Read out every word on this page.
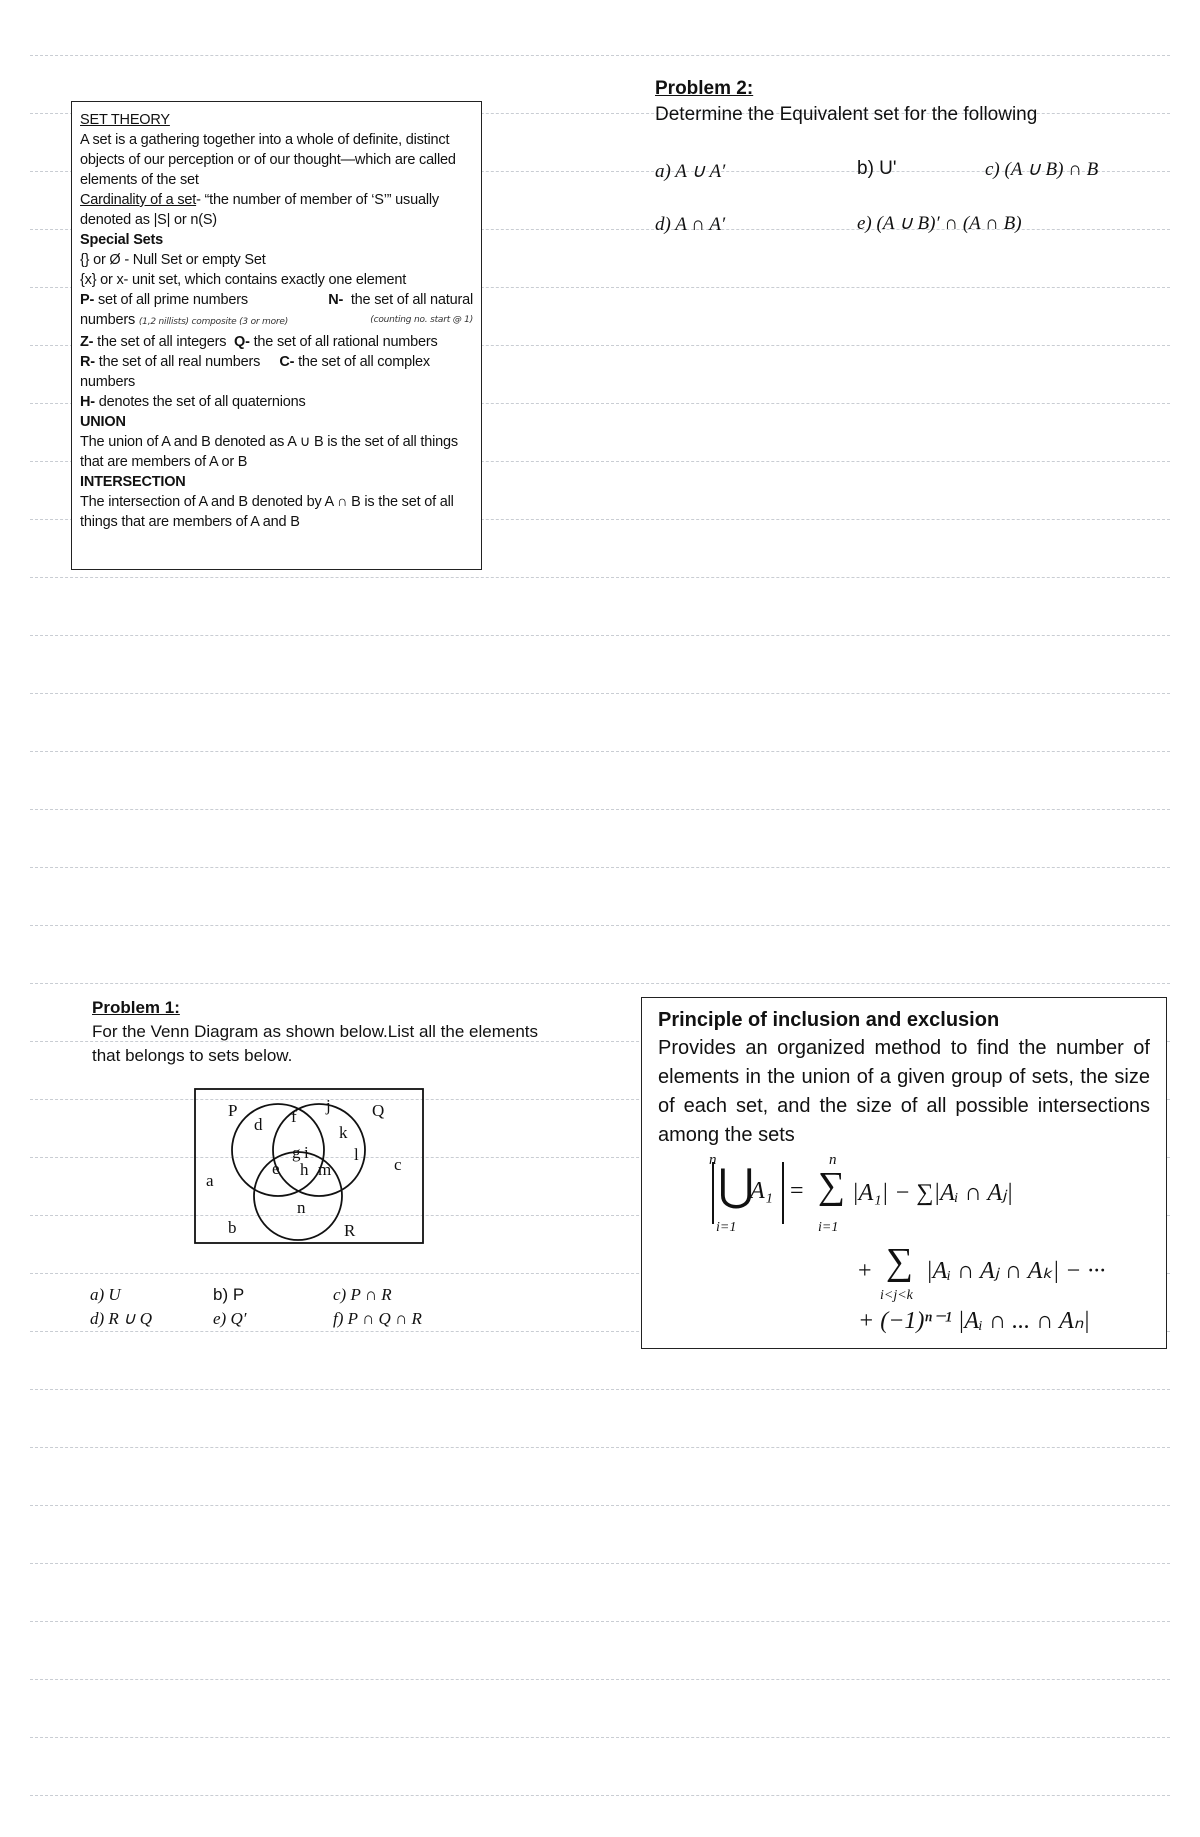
SET THEORY

A set is a gathering together into a whole of definite, distinct objects of our perception or of our thought—which are called elements of the set

Cardinality of a set- “the number of member of ‘S’” usually denoted as |S| or n(S)

Special Sets

{} or Ø - Null Set or empty Set

{x} or x- unit set, which contains exactly one element

P- set of all prime numbers	N- the set of all natural

numbers (1,2 nillists) composite (3 or more)	(counting no. start @ 1)

Z- the set of all integers Q- the set of all rational numbers

R- the set of all real numbers C- the set of all complex numbers

H- denotes the set of all quaternions

UNION

The union of A and B denoted as A ∪ B is the set of all things that are members of A or B

INTERSECTION

The intersection of A and B denoted by A ∩ B is the set of all things that are members of A and B

Problem 2:
Determine the Equivalent set for the following
a) A ∪ A′	b) U'	c) (A ∪ B) ∩ B
d) A ∩ A′	e) (A ∪ B)′ ∩ (A ∩ B)
Problem 1:
For the Venn Diagram as shown below.List all the elements that belongs to sets below.
P	Q
R
a
b
c
d
e
f
g
h
i
j
k
l
m
n
a) U	b) P	c) P ∩ R
d) R ∪ Q	e) Q′	f) P ∩ Q ∩ R
Principle of inclusion and exclusion
Provides an organized method to find the number of elements in the union of a given group of sets, the size of each set, and the size of all possible intersections among the sets
n
⋃
A₁
i=1
=
n
∑
i=1
|A₁| − ∑|Aᵢ ∩ Aⱼ|
+ ∑
i<j<k
|Aᵢ ∩ Aⱼ ∩ Aₖ| − ···
+ (−1)ⁿ⁻¹ |Aᵢ ∩ ... ∩ Aₙ|
